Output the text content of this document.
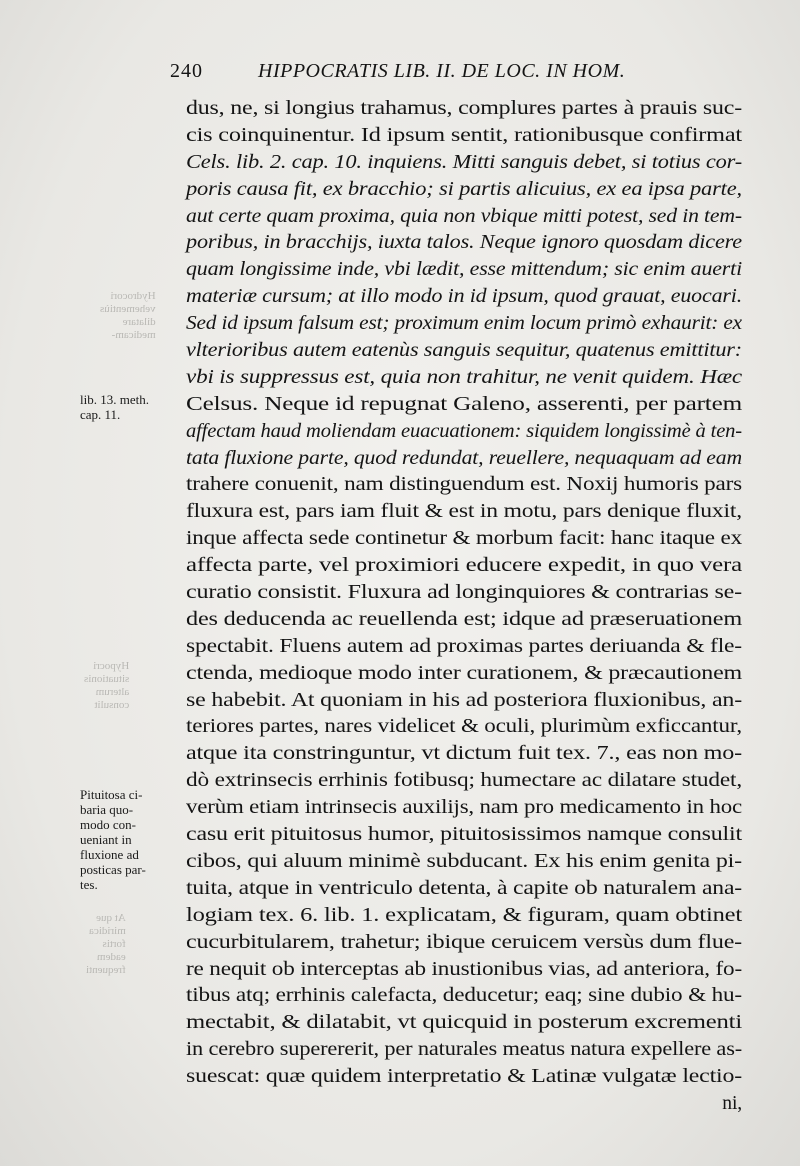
Hydrocori
vehementiùs
dilatare
medicam-
Hypocri
situationis
alterum
consulit
At que
miridica
fortis
eadem
frequenti
240	HIPPOCRATIS LIB. II. DE LOC. IN HOM.
lib. 13. meth.
cap. 11.
Pituitosa ci-
baria quo-
modo con-
ueniant in
fluxione ad
posticas par-
tes.
dus, ne, si longius trahamus, complures partes à prauis suc-
cis coinquinentur. Id ipsum sentit, rationibusque confirmat
Cels. lib. 2. cap. 10. inquiens. Mitti sanguis debet, si totius cor-
poris causa fit, ex bracchio; si partis alicuius, ex ea ipsa parte,
aut certe quam proxima, quia non vbique mitti potest, sed in tem-
poribus, in bracchijs, iuxta talos. Neque ignoro quosdam dicere
quam longissime inde, vbi lædit, esse mittendum; sic enim auerti
materiæ cursum; at illo modo in id ipsum, quod grauat, euocari.
Sed id ipsum falsum est; proximum enim locum primò exhaurit: ex
vlterioribus autem eatenùs sanguis sequitur, quatenus emittitur:
vbi is suppressus est, quia non trahitur, ne venit quidem. Hæc
Celsus. Neque id repugnat Galeno, asserenti, per partem
affectam haud moliendam euacuationem: siquidem longissimè à ten-
tata fluxione parte, quod redundat, reuellere, nequaquam ad eam
trahere conuenit, nam distinguendum est. Noxij humoris pars
fluxura est, pars iam fluit & est in motu, pars denique fluxit,
inque affecta sede continetur & morbum facit: hanc itaque ex
affecta parte, vel proximiori educere expedit, in quo vera
curatio consistit. Fluxura ad longinquiores & contrarias se-
des deducenda ac reuellenda est; idque ad præseruationem
spectabit. Fluens autem ad proximas partes deriuanda & fle-
ctenda, medioque modo inter curationem, & præcautionem
se habebit. At quoniam in his ad posteriora fluxionibus, an-
teriores partes, nares videlicet & oculi, plurimùm exficcantur,
atque ita constringuntur, vt dictum fuit tex. 7., eas non mo-
dò extrinsecis errhinis fotibusq; humectare ac dilatare studet,
verùm etiam intrinsecis auxilijs, nam pro medicamento in hoc
casu erit pituitosus humor, pituitosissimos namque consulit
cibos, qui aluum minimè subducant. Ex his enim genita pi-
tuita, atque in ventriculo detenta, à capite ob naturalem ana-
logiam tex. 6. lib. 1. explicatam, & figuram, quam obtinet
cucurbitularem, trahetur; ibique ceruicem versùs dum flue-
re nequit ob interceptas ab inustionibus vias, ad anteriora, fo-
tibus atq; errhinis calefacta, deducetur; eaq; sine dubio & hu-
mectabit, & dilatabit, vt quicquid in posterum excrementi
in cerebro superererit, per naturales meatus natura expellere as-
suescat: quæ quidem interpretatio & Latinæ vulgatæ lectio-
ni,
